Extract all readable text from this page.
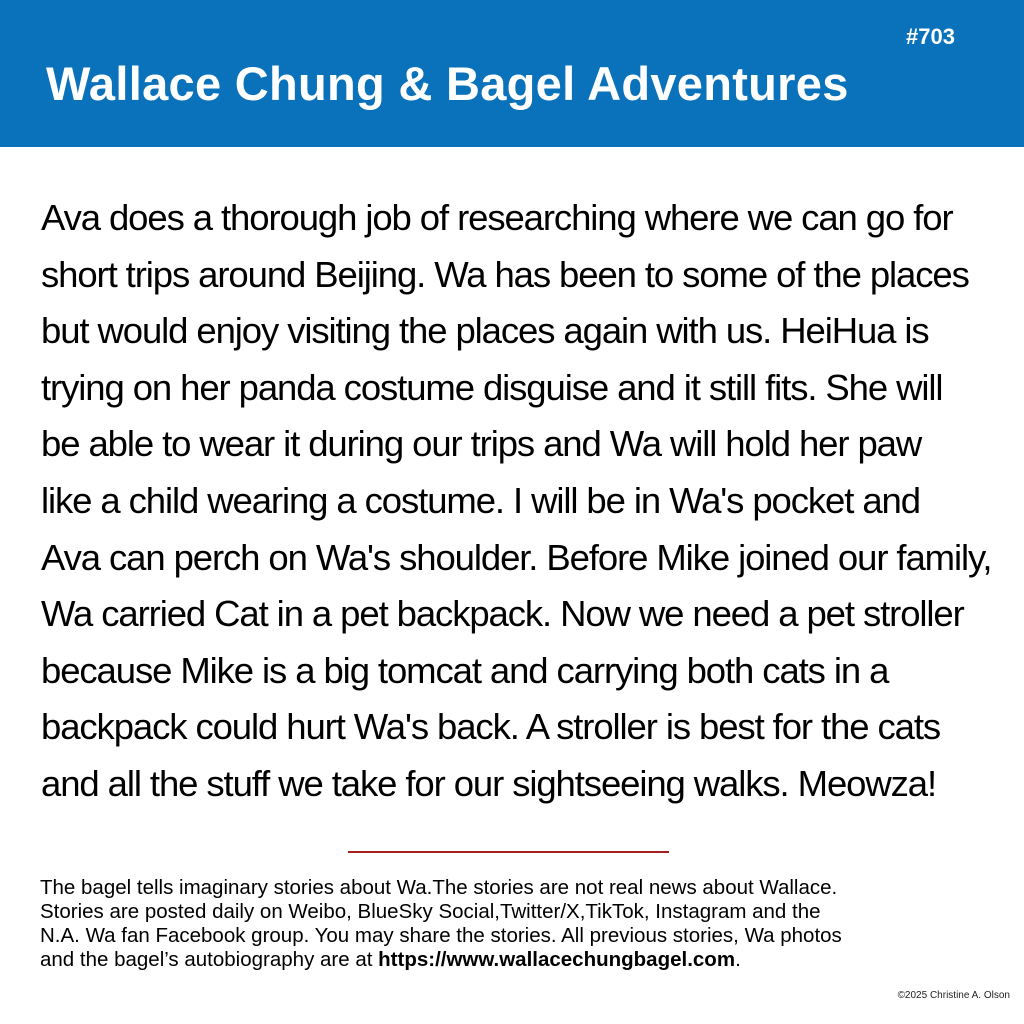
#703
Wallace Chung & Bagel Adventures
Ava does a thorough job of researching where we can go for
short trips around Beijing. Wa has been to some of the places
but would enjoy visiting the places again with us. HeiHua is
trying on her panda costume disguise and it still fits. She will
be able to wear it during our trips and Wa will hold her paw
like a child wearing a costume. I will be in Wa's pocket and
Ava can perch on Wa's shoulder. Before Mike joined our family,
Wa carried Cat in a pet backpack. Now we need a pet stroller
because Mike is a big tomcat and carrying both cats in a
backpack could hurt Wa's back. A stroller is best for the cats
and all the stuff we take for our sightseeing walks. Meowza!
The bagel tells imaginary stories about Wa.The stories are not real news about Wallace.
Stories are posted daily on Weibo, BlueSky Social,Twitter/X,TikTok, Instagram and the
N.A. Wa fan Facebook group. You may share the stories. All previous stories, Wa photos
and the bagel’s autobiography are at https://www.wallacechungbagel.com.
©2025 Christine A. Olson
